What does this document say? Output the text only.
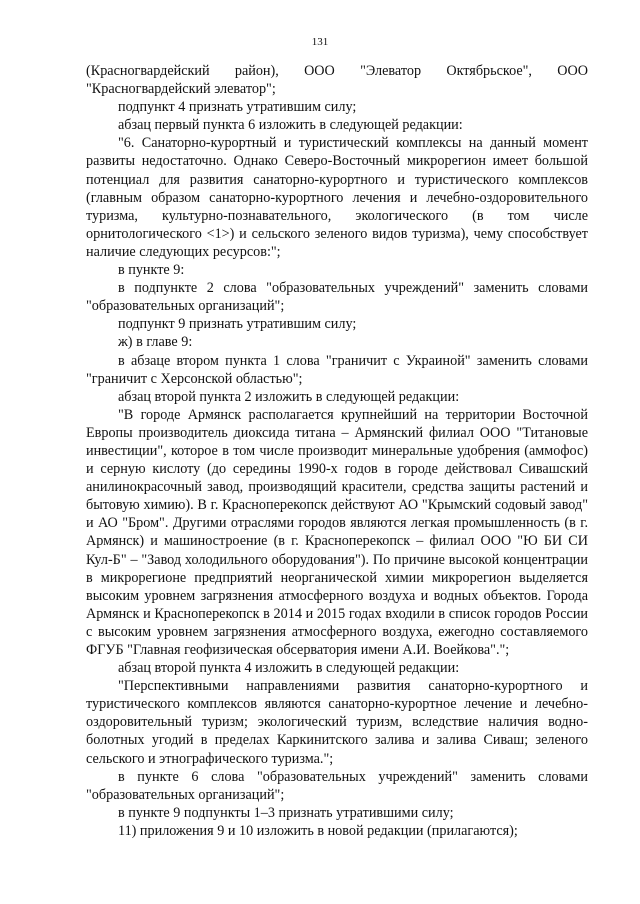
131

(Красногвардейский район), ООО "Элеватор Октябрьское", ООО "Красногвардейский элеватор";

подпункт 4 признать утратившим силу;

абзац первый пункта 6 изложить в следующей редакции:

"6. Санаторно-курортный и туристический комплексы на данный момент развиты недостаточно. Однако Северо-Восточный микрорегион имеет большой потенциал для развития санаторно-курортного и туристического комплексов (главным образом санаторно-курортного лечения и лечебно-оздоровительного туризма, культурно-познавательного, экологического (в том числе орнитологического <1>) и сельского зеленого видов туризма), чему способствует наличие следующих ресурсов:";

в пункте 9:

в подпункте 2 слова "образовательных учреждений" заменить словами "образовательных организаций";

подпункт 9 признать утратившим силу;

ж) в главе 9:

в абзаце втором пункта 1 слова "граничит с Украиной" заменить словами "граничит с Херсонской областью";

абзац второй пункта 2 изложить в следующей редакции:

"В городе Армянск располагается крупнейший на территории Восточной Европы производитель диоксида титана – Армянский филиал ООО "Титановые инвестиции", которое в том числе производит минеральные удобрения (аммофос) и серную кислоту (до середины 1990-х годов в городе действовал Сивашский анилинокрасочный завод, производящий красители, средства защиты растений и бытовую химию). В г. Красноперекопск действуют АО "Крымский содовый завод" и АО "Бром". Другими отраслями городов являются легкая промышленность (в г. Армянск) и машиностроение (в г. Красноперекопск – филиал ООО "Ю БИ СИ Кул-Б" – "Завод холодильного оборудования"). По причине высокой концентрации в микрорегионе предприятий неорганической химии микрорегион выделяется высоким уровнем загрязнения атмосферного воздуха и водных объектов. Города Армянск и Красноперекопск в 2014 и 2015 годах входили в список городов России с высоким уровнем загрязнения атмосферного воздуха, ежегодно составляемого ФГУБ "Главная геофизическая обсерватория имени А.И. Воейкова".";

абзац второй пункта 4 изложить в следующей редакции:

"Перспективными направлениями развития санаторно-курортного и туристического комплексов являются санаторно-курортное лечение и лечебно-оздоровительный туризм; экологический туризм, вследствие наличия водно-болотных угодий в пределах Каркинитского залива и залива Сиваш; зеленого сельского и этнографического туризма.";

в пункте 6 слова "образовательных учреждений" заменить словами "образовательных организаций";

в пункте 9 подпункты 1–3 признать утратившими силу;

11) приложения 9 и 10 изложить в новой редакции (прилагаются);
